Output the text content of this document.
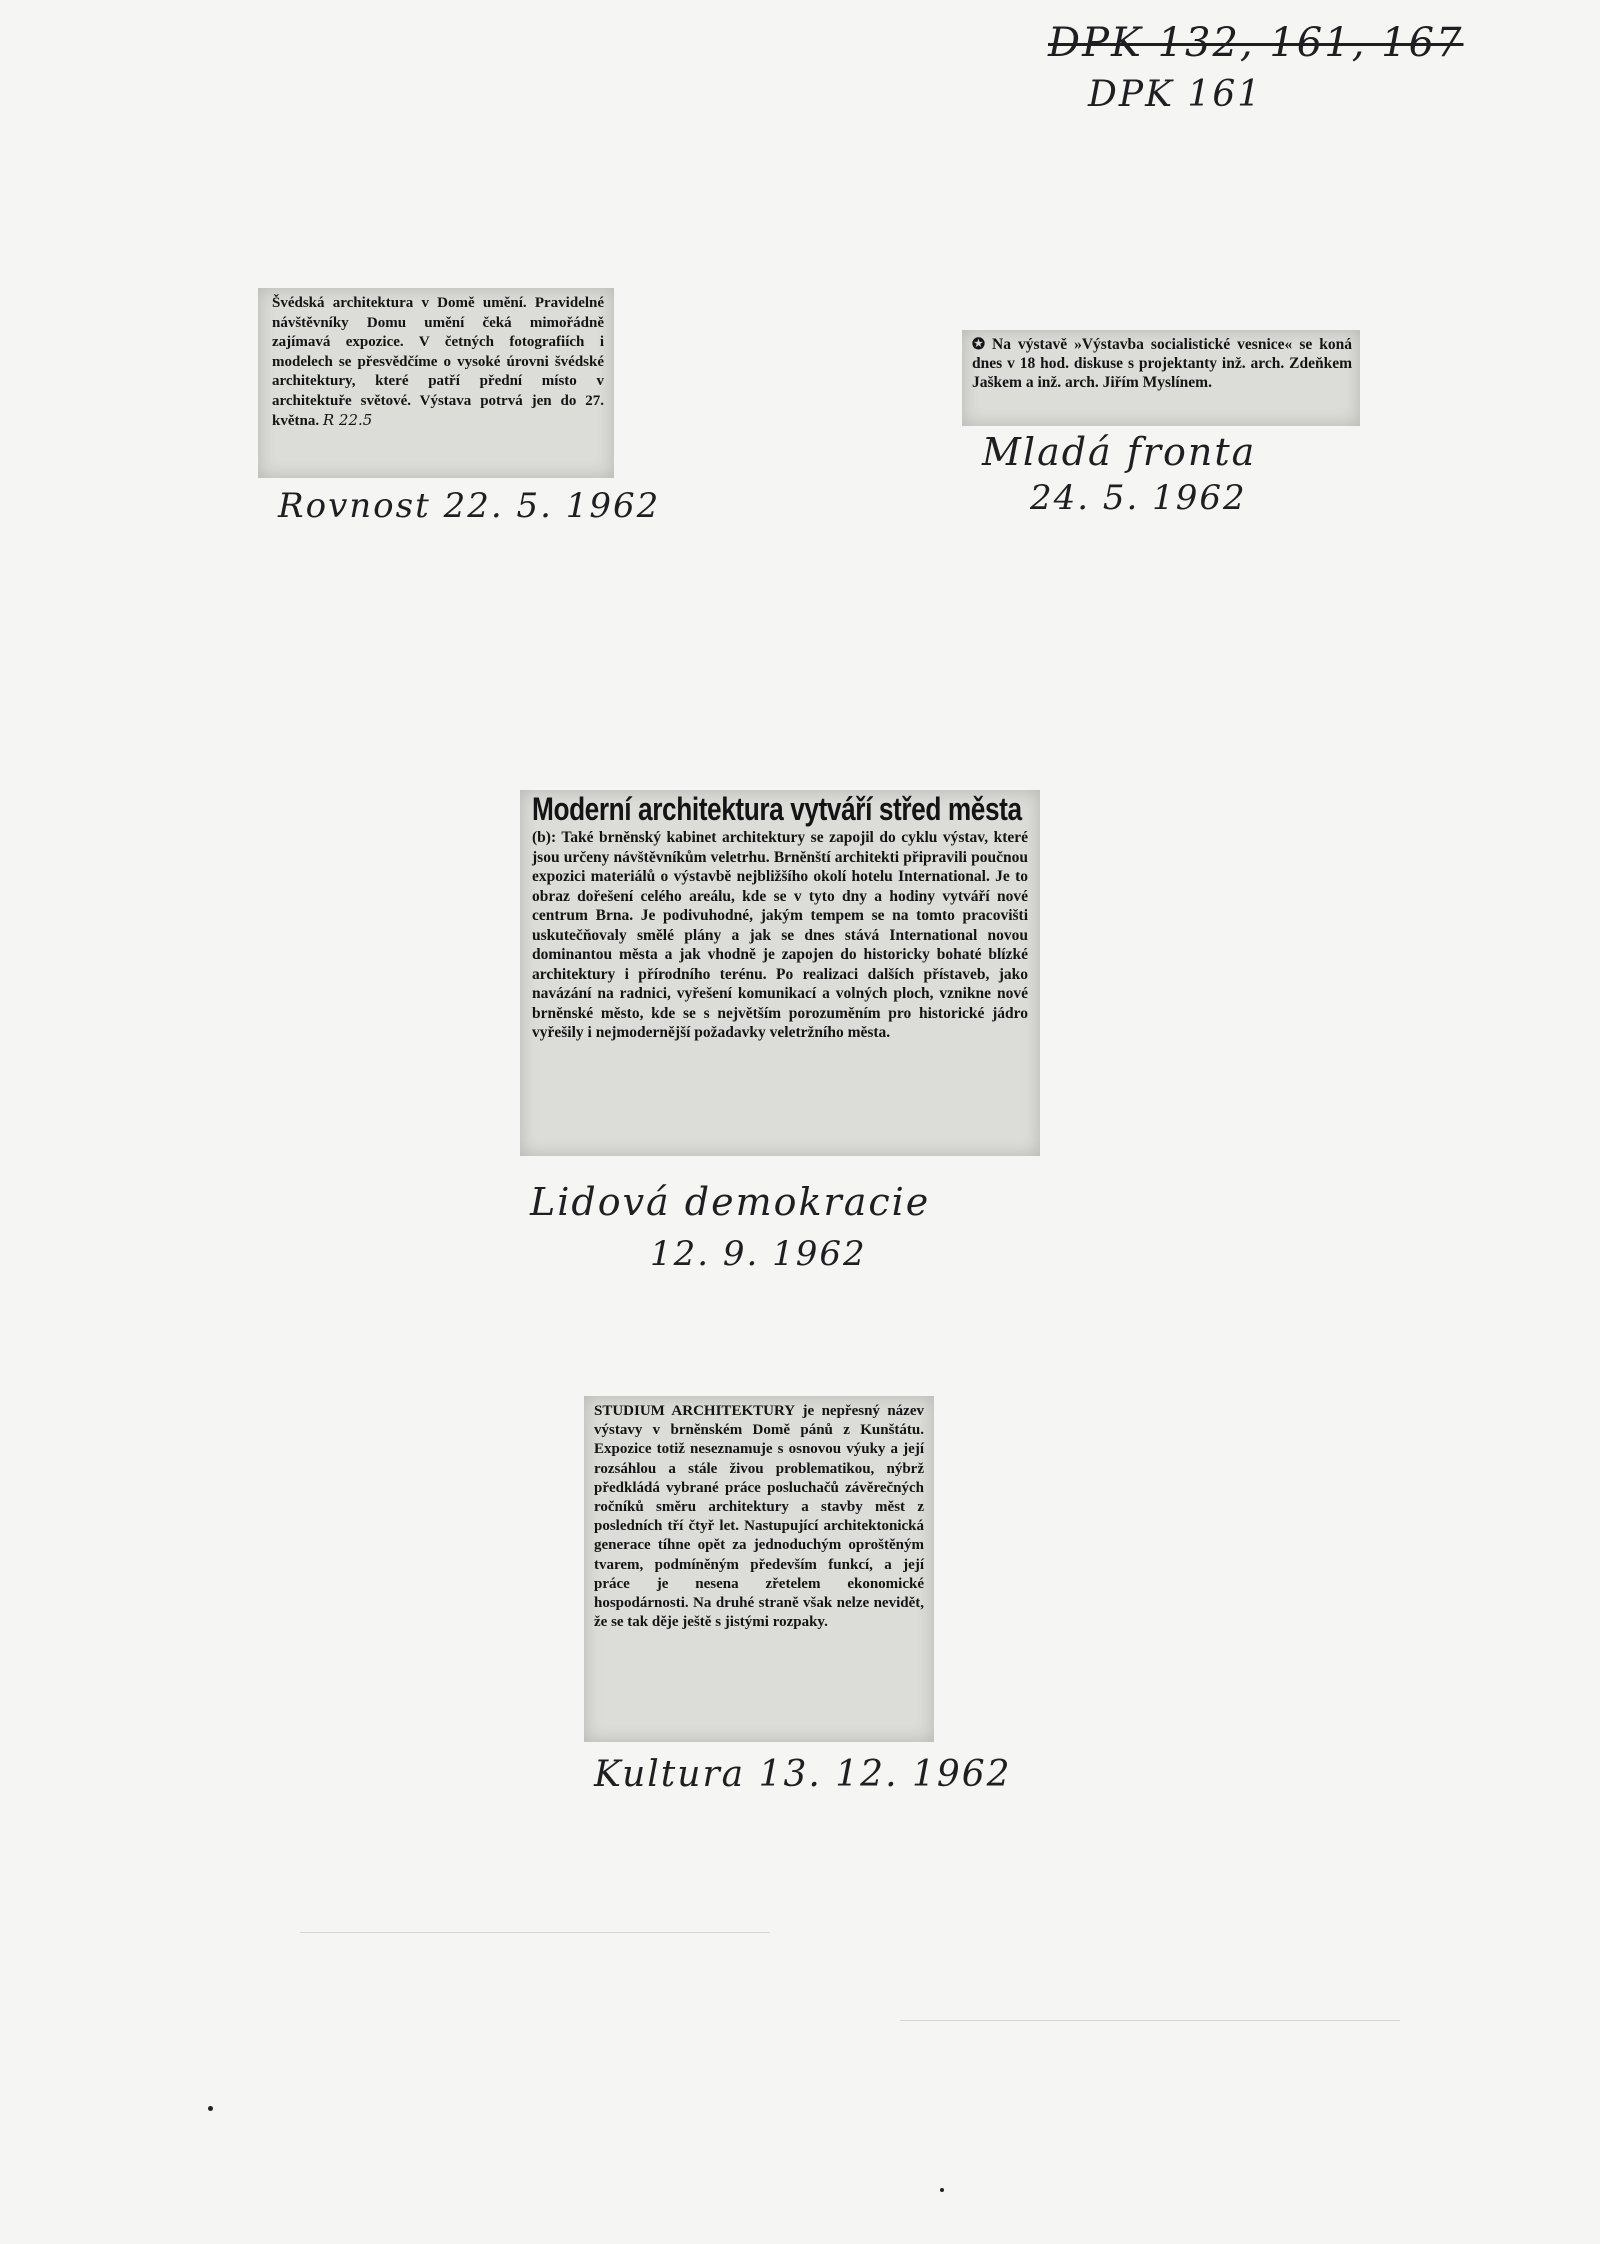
DPK 132, 161, 167
DPK 161

Švédská architektura v Domě umění. Pravidelné návštěvníky Domu umění čeká mimořádně zajímavá expozice. V četných fotografiích i modelech se přesvědčíme o vysoké úrovni švédské architektury, které patří přední místo v architektuře světové. Výstava potrvá jen do 27. května. R 22.5

Rovnost 22. 5. 1962

✪ Na výstavě »Výstavba socialistické vesnice« se koná dnes v 18 hod. diskuse s projektanty inž. arch. Zdeňkem Jaškem a inž. arch. Jiřím Myslínem.

Mladá fronta
24. 5. 1962
Moderní architektura vytváří střed města

(b): Také brněnský kabinet architektury se zapojil do cyklu výstav, které jsou určeny návštěvníkům veletrhu. Brněnští architekti připravili poučnou expozici materiálů o výstavbě nejbližšího okolí hotelu International. Je to obraz dořešení celého areálu, kde se v tyto dny a hodiny vytváří nové centrum Brna. Je podivuhodné, jakým tempem se na tomto pracovišti uskutečňovaly smělé plány a jak se dnes stává International novou dominantou města a jak vhodně je zapojen do historicky bohaté blízké architektury i přírodního terénu. Po realizaci dalších přístaveb, jako navázání na radnici, vyřešení komunikací a volných ploch, vznikne nové brněnské město, kde se s největším porozuměním pro historické jádro vyřešily i nejmodernější požadavky veletržního města.

Lidová demokracie
12. 9. 1962

STUDIUM ARCHITEKTURY je nepřesný název výstavy v brněnském Domě pánů z Kunštátu. Expozice totiž neseznamuje s osnovou výuky a její rozsáhlou a stále živou problematikou, nýbrž předkládá vybrané práce posluchačů závěrečných ročníků směru architektury a stavby měst z posledních tří čtyř let. Nastupující architektonická generace tíhne opět za jednoduchým oproštěným tvarem, podmíněným především funkcí, a její práce je nesena zřetelem ekonomické hospodárnosti. Na druhé straně však nelze nevidět, že se tak děje ještě s jistými rozpaky.

Kultura 13. 12. 1962
